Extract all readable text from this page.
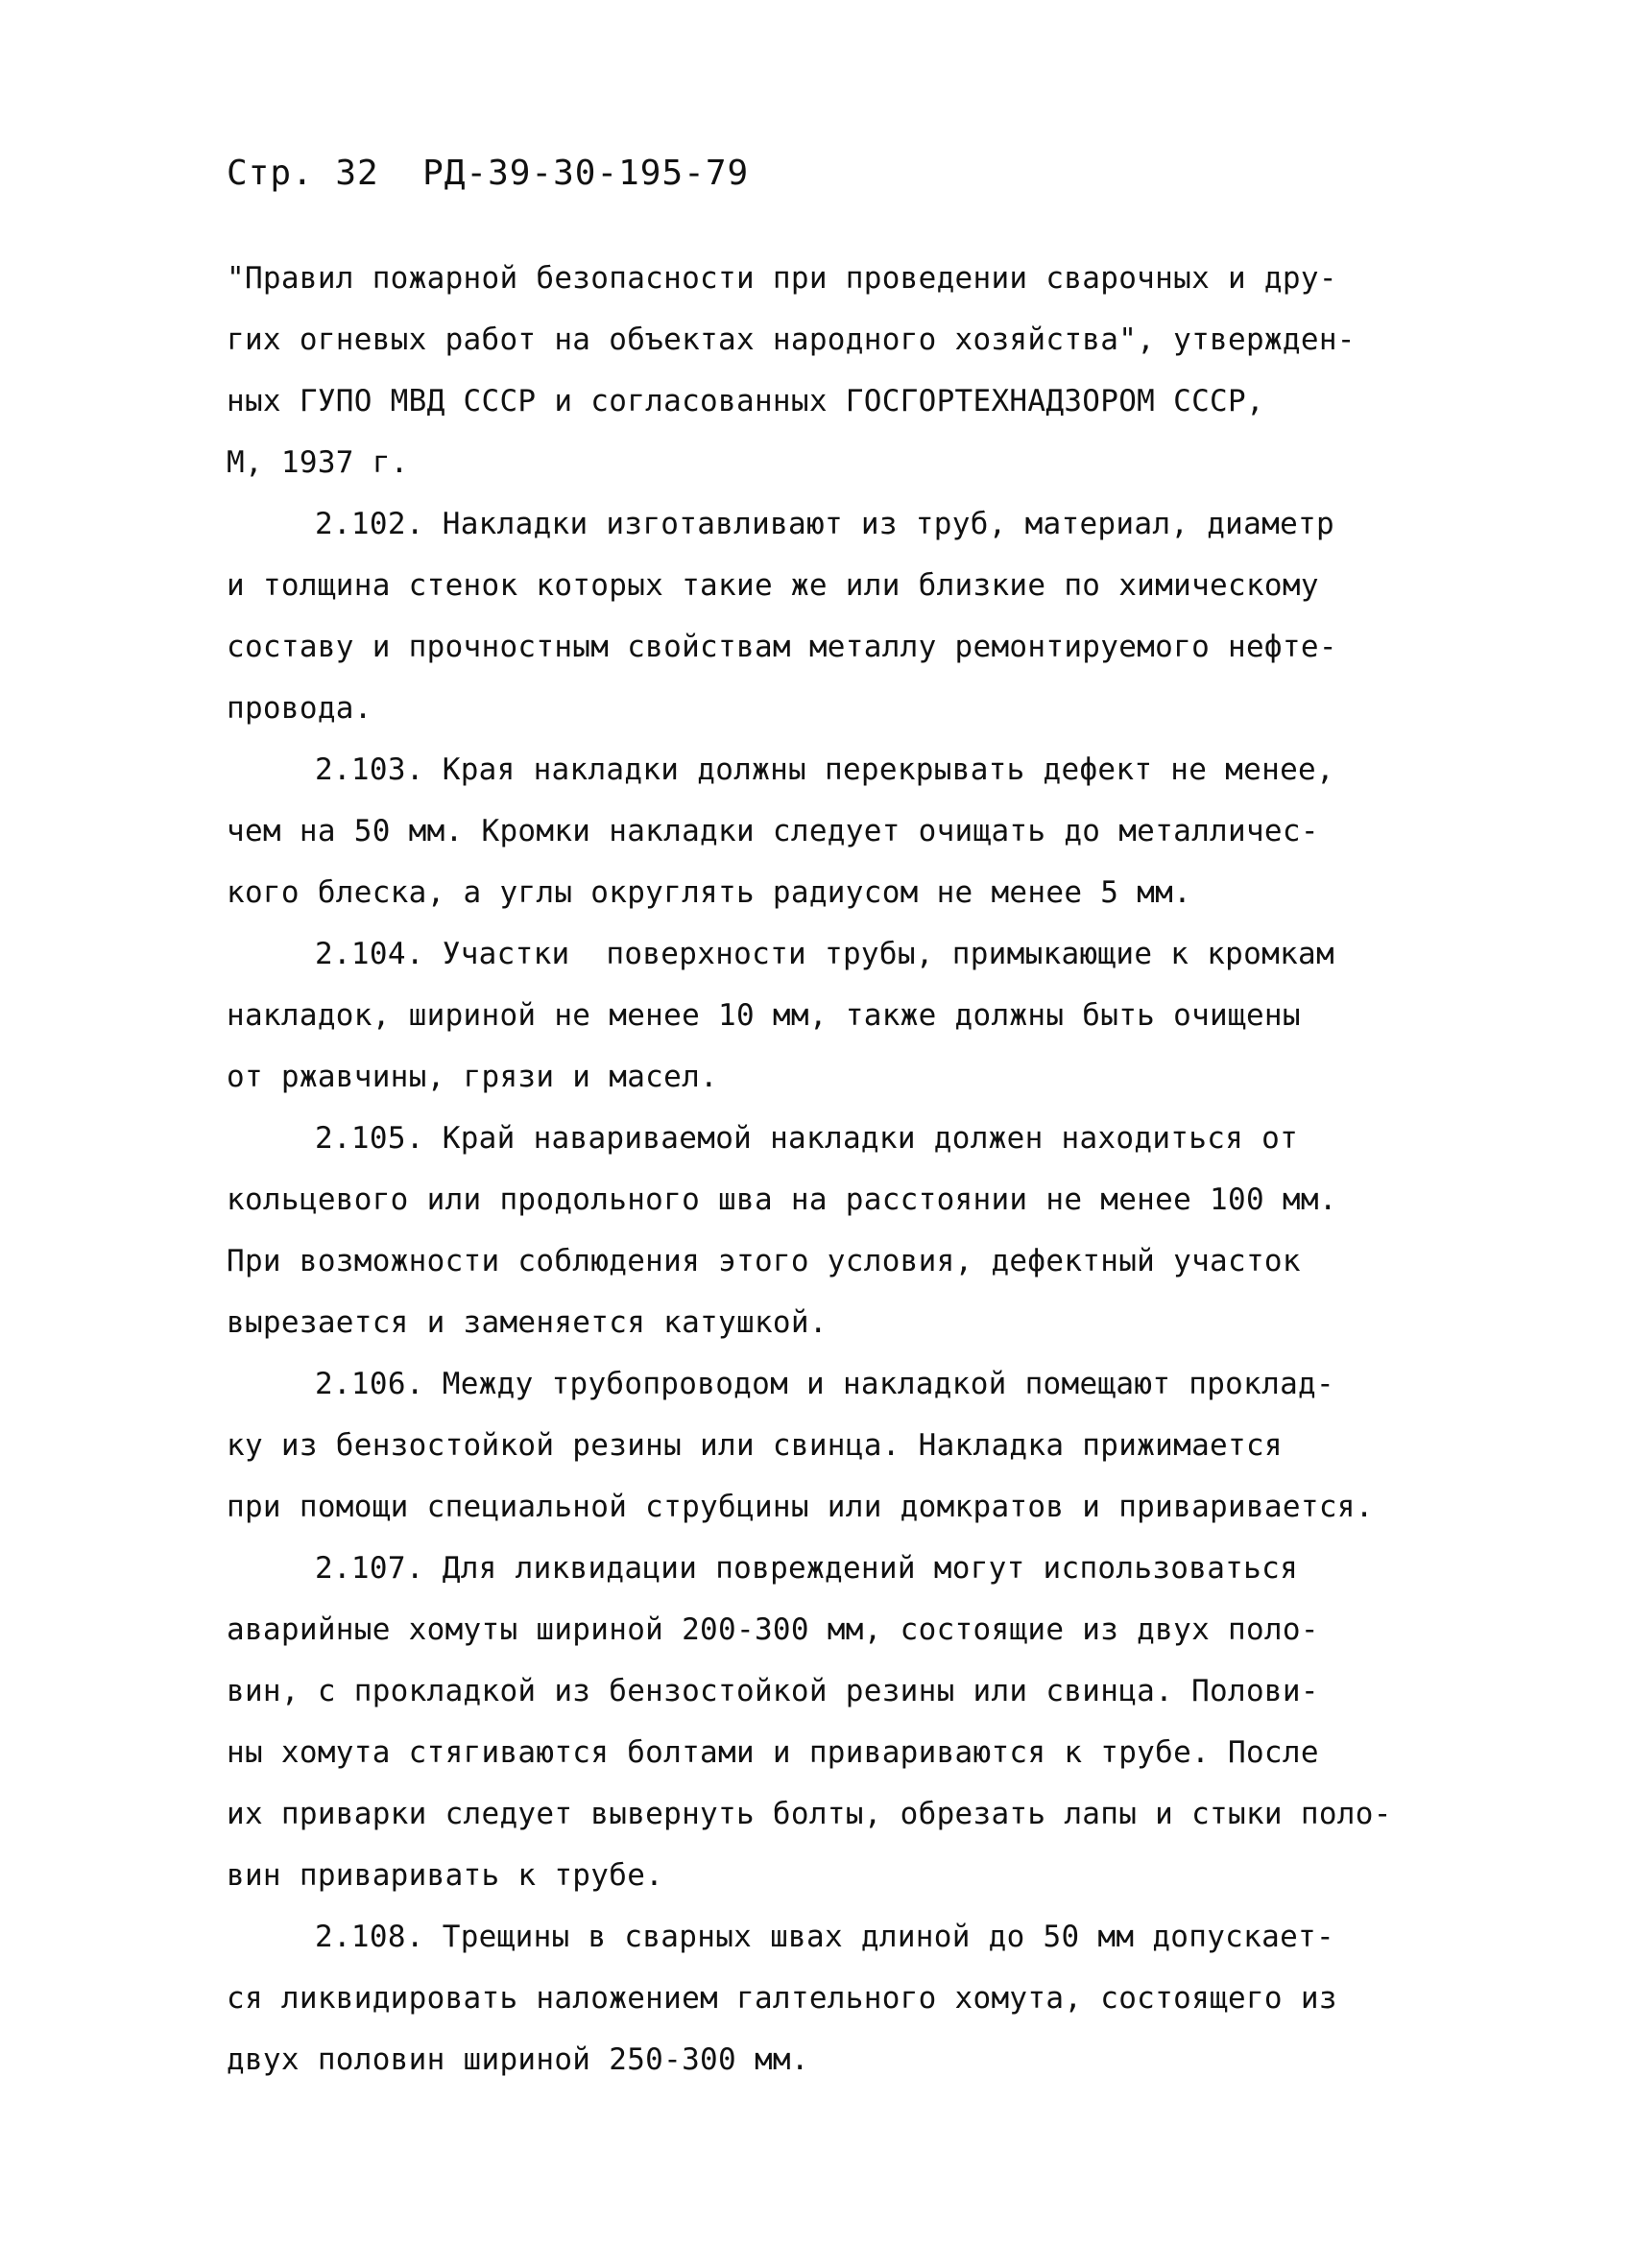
Стр. 32  РД-39-30-195-79
"Правил пожарной безопасности при проведении сварочных и дру-
гих огневых работ на объектах народного хозяйства", утвержден-
ных ГУПО МВД СССР и согласованных ГОСГОРТЕХНАДЗОРОМ СССР,
М, 1937 г.
2.102. Накладки изготавливают из труб, материал, диаметр
и толщина стенок которых такие же или близкие по химическому
составу и прочностным свойствам металлу ремонтируемого нефте-
провода.
2.103. Края накладки должны перекрывать дефект не менее,
чем на 50 мм. Кромки накладки следует очищать до металличес-
кого блеска, а углы округлять радиусом не менее 5 мм.
2.104. Участки  поверхности трубы, примыкающие к кромкам
накладок, шириной не менее 10 мм, также должны быть очищены
от ржавчины, грязи и масел.
2.105. Край навариваемой накладки должен находиться от
кольцевого или продольного шва на расстоянии не менее 100 мм.
При возможности соблюдения этого условия, дефектный участок
вырезается и заменяется катушкой.
2.106. Между трубопроводом и накладкой помещают проклад-
ку из бензостойкой резины или свинца. Накладка прижимается
при помощи специальной струбцины или домкратов и приваривается.
2.107. Для ликвидации повреждений могут использоваться
аварийные хомуты шириной 200-300 мм, состоящие из двух поло-
вин, с прокладкой из бензостойкой резины или свинца. Полови-
ны хомута стягиваются болтами и привариваются к трубе. После
их приварки следует вывернуть болты, обрезать лапы и стыки поло-
вин приваривать к трубе.
2.108. Трещины в сварных швах длиной до 50 мм допускает-
ся ликвидировать наложением галтельного хомута, состоящего из
двух половин шириной 250-300 мм.
